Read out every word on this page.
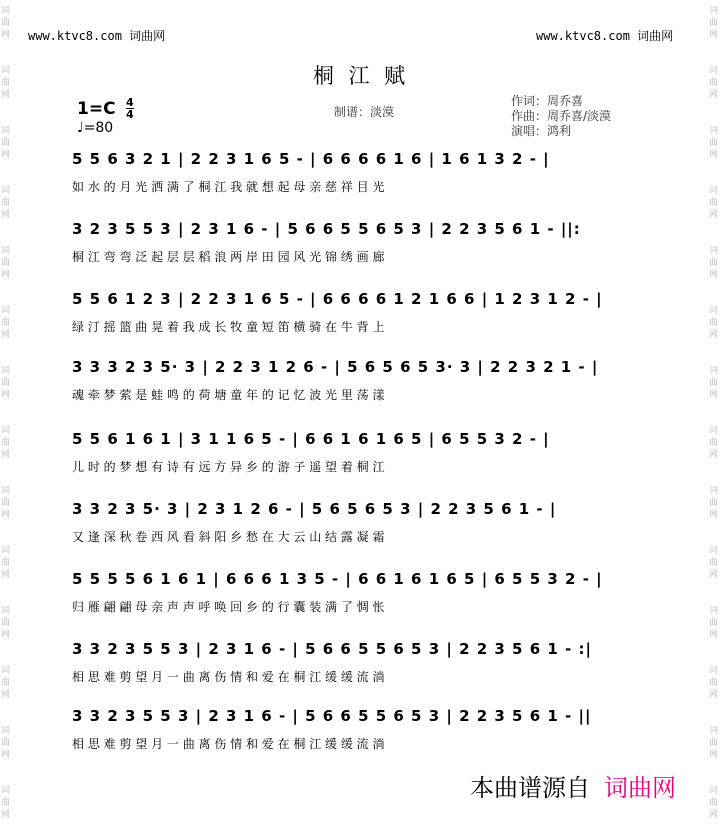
词
曲
网
词
曲
网
词
曲
网
词
曲
网
词
曲
网
词
曲
网
词
曲
网
词
曲
网
词
曲
网
词
曲
网
词
曲
网
词
曲
网
词
曲
网
词
曲
网
词
曲
网
词
曲
网
词
曲
网
词
曲
网
词
曲
网
词
曲
网
词
曲
网
词
曲
网
词
曲
网
词
曲
网
词
曲
网
词
曲
网
词
曲
网
词
曲
网
www.ktvc8.com 词曲网	www.ktvc8.com 词曲网
桐 江 赋
$1=C \frac{4}{4}$
♩=80
制谱：淡漠
作词：周乔喜
作曲：周乔喜/淡漠
演唱：鸿利
5 5 6 3 2 1 | 2 2 3 1 6 5 - | 6 6 6 6 1 6 | 1 6 1 3 2 - |
如 水 的 月 光 洒 满 了 桐 江 我 就 想 起 母 亲 慈 祥 目 光
3 2 3 5 5 3 | 2 3 1 6 - | 5 6 6 5 5 6 5 3 | 2 2 3 5 6 1 - ||:
桐 江 弯 弯 泛 起 层 层 稻 浪 两 岸 田 园 风 光 锦 绣 画 廊
5 5 6 1 2 3 | 2 2 3 1 6 5 - | 6 6 6 6 1 2 1 6 6 | 1 2 3 1 2 - |
绿 汀 摇 篮 曲 晃 着 我 成 长 牧 童 短 笛 横 骑 在 牛 背 上
3 3 3 2 3 5· 3 | 2 2 3 1 2 6 - | 5 6 5 6 5 3· 3 | 2 2 3 2 1 - |
魂 牵 梦 萦 是 蛙 鸣 的 荷 塘 童 年 的 记 忆 波 光 里 荡 漾
5 5 6 1 6 1 | 3 1 1 6 5 - | 6 6 1 6 1 6 5 | 6 5 5 3 2 - |
儿 时 的 梦 想 有 诗 有 远 方 异 乡 的 游 子 遥 望 着 桐 江
3 3 2 3 5· 3 | 2 3 1 2 6 - | 5 6 5 6 5 3 | 2 2 3 5 6 1 - |
又 逢 深 秋 卷 西 风 看 斜 阳 乡 愁 在 大 云 山 结 露 凝 霜
5 5 5 5 6 1 6 1 | 6 6 6 1 3 5 - | 6 6 1 6 1 6 5 | 6 5 5 3 2 - |
归 雁 翩 翩 母 亲 声 声 呼 唤 回 乡 的 行 囊 装 满 了 惆 怅
3 3 2 3 5 5 3 | 2 3 1 6 - | 5 6 6 5 5 6 5 3 | 2 2 3 5 6 1 - :|
相 思 难 剪 望 月 一 曲 离 伤 情 和 爱 在 桐 江 缓 缓 流 淌
3 3 2 3 5 5 3 | 2 3 1 6 - | 5 6 6 5 5 6 5 3 | 2 2 3 5 6 1 - ||
相 思 难 剪 望 月 一 曲 离 伤 情 和 爱 在 桐 江 缓 缓 流 淌
本曲谱源自 词曲网
